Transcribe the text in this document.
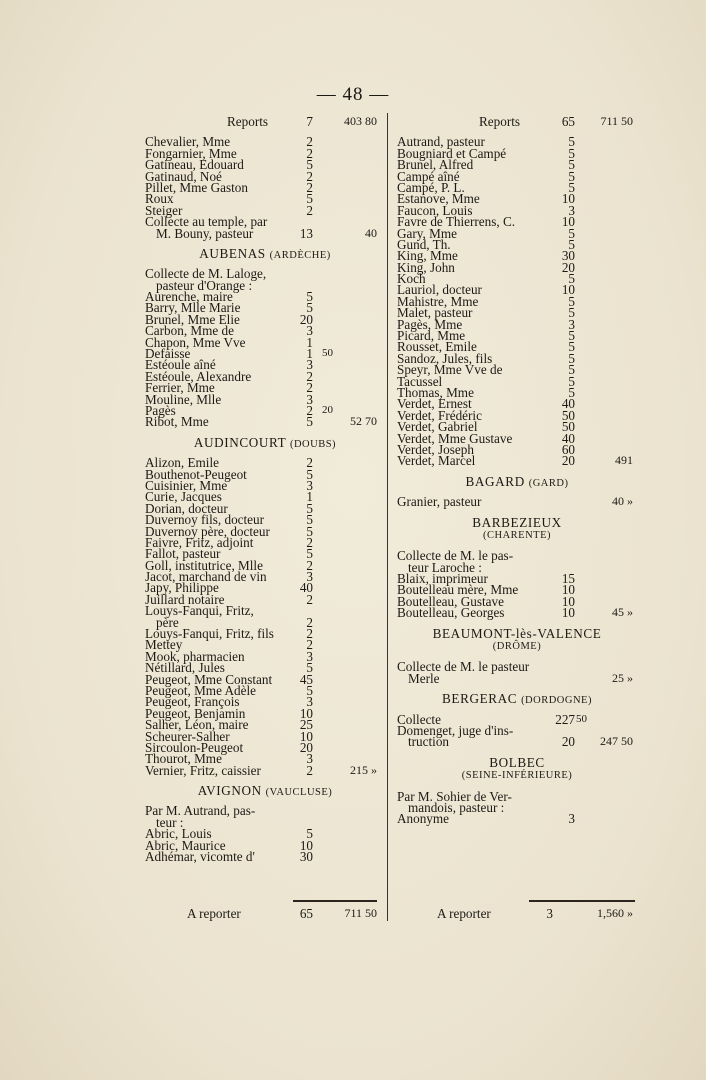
— 48 —
Reports	7	403 80
Chevalier, Mme	2
Fongarnier, Mme	2
Gatineau, Edouard	5
Gatinaud, Noé	2
Pillet, Mme Gaston	2
Roux	5
Steiger	2
Collecte au temple, par
M. Bouny, pasteur	13	40
AUBENAS (ARDÈCHE)
Collecte de M. Laloge,
pasteur d'Orange :
Aurenche, maire	5
Barry, Mlle Marie	5
Brunel, Mme Elie	20
Carbon, Mme de	3
Chapon, Mme Vve	1
Defaisse	1 50
Estéoule aîné	3
Estéoule, Alexandre	2
Ferrier, Mme	2
Mouline, Mlle	3
Pagès	2 20
Ribot, Mme	5	52 70
AUDINCOURT (DOUBS)
Alizon, Emile	2
Bouthenot-Peugeot	5
Cuisinier, Mme	3
Curie, Jacques	1
Dorian, docteur	5
Duvernoy fils, docteur	5
Duvernoy père, docteur	5
Faivre, Fritz, adjoint	2
Fallot, pasteur	5
Goll, institutrice, Mlle	2
Jacot, marchand de vin	3
Japy, Philippe	40
Juillard notaire	2
Louys-Fanqui, Fritz,
père	2
Louys-Fanqui, Fritz, fils	2
Mettey	2
Mook, pharmacien	3
Nétillard, Jules	5
Peugeot, Mme Constant	45
Peugeot, Mme Adèle	5
Peugeot, François	3
Peugeot, Benjamin	10
Salher, Léon, maire	25
Scheurer-Salher	10
Sircoulon-Peugeot	20
Thourot, Mme	3
Vernier, Fritz, caissier	2	215 »
AVIGNON (VAUCLUSE)
Par M. Autrand, pas-
teur :
Abric, Louis	5
Abric, Maurice	10
Adhémar, vicomte d'	30
Reports	65	711 50
Autrand, pasteur	5
Bougniard et Campé	5
Brunel, Alfred	5
Campé aîné	5
Campé, P. L.	5
Estanove, Mme	10
Faucon, Louis	3
Favre de Thierrens, C.	10
Gary, Mme	5
Gund, Th.	5
King, Mme	30
King, John	20
Koch	5
Lauriol, docteur	10
Mahistre, Mme	5
Malet, pasteur	5
Pagès, Mme	3
Picard, Mme	5
Rousset, Emile	5
Sandoz, Jules, fils	5
Speyr, Mme Vve de	5
Tacussel	5
Thomas, Mme	5
Verdet, Ernest	40
Verdet, Frédéric	50
Verdet, Gabriel	50
Verdet, Mme Gustave	40
Verdet, Joseph	60
Verdet, Marcel	20	491
BAGARD (GARD)
Granier, pasteur	40 »
BARBEZIEUX
(CHARENTE)
Collecte de M. le pas-
teur Laroche :
Blaix, imprimeur	15
Boutelleau mère, Mme	10
Boutelleau, Gustave	10
Boutelleau, Georges	10	45 »
BEAUMONT-lès-VALENCE
(DRÔME)
Collecte de M. le pasteur
Merle	25 »
BERGERAC (DORDOGNE)
Collecte	227 50
Domenget, juge d'ins-
truction	20	247 50
BOLBEC
(SEINE-INFÉRIEURE)
Par M. Sohier de Ver-
mandois, pasteur :
Anonyme	3
A reporter	65	711 50	A reporter	3	1,560 »
